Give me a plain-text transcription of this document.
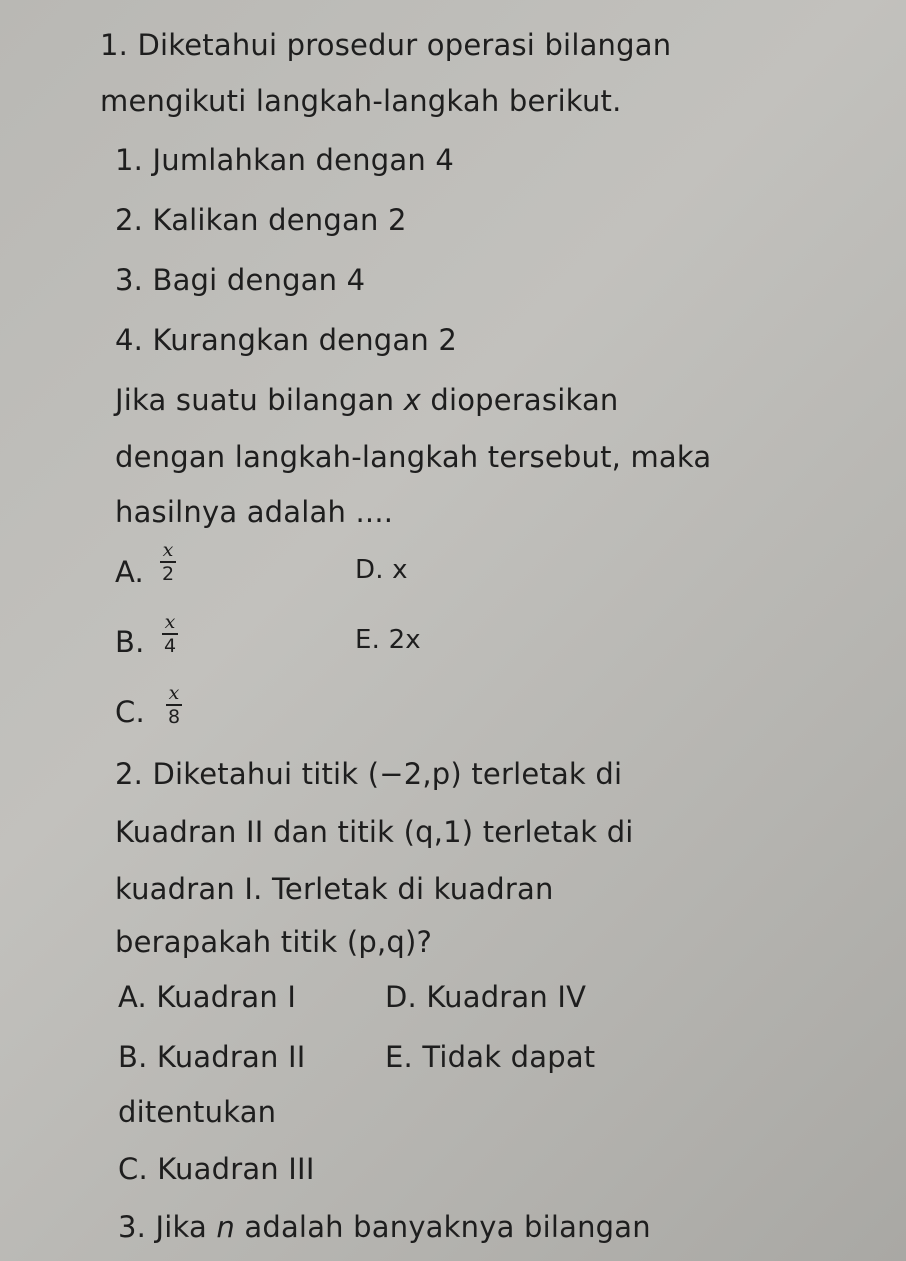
1. Diketahui prosedur operasi bilangan
mengikuti langkah-langkah berikut.
1. Jumlahkan dengan 4
2. Kalikan dengan 2
3. Bagi dengan 4
4. Kurangkan dengan 2
Jika suatu bilangan x dioperasikan
dengan langkah-langkah tersebut, maka
hasilnya adalah ....
A.
x
2
B.
x
4
C.
x
8
D. x
E. 2x
2. Diketahui titik (−2,p) terletak di
Kuadran II dan titik (q,1) terletak di
kuadran I. Terletak di kuadran
berapakah titik (p,q)?
A. Kuadran I	D. Kuadran IV
B. Kuadran II	E. Tidak dapat
ditentukan
C. Kuadran III
3. Jika n adalah banyaknya bilangan
